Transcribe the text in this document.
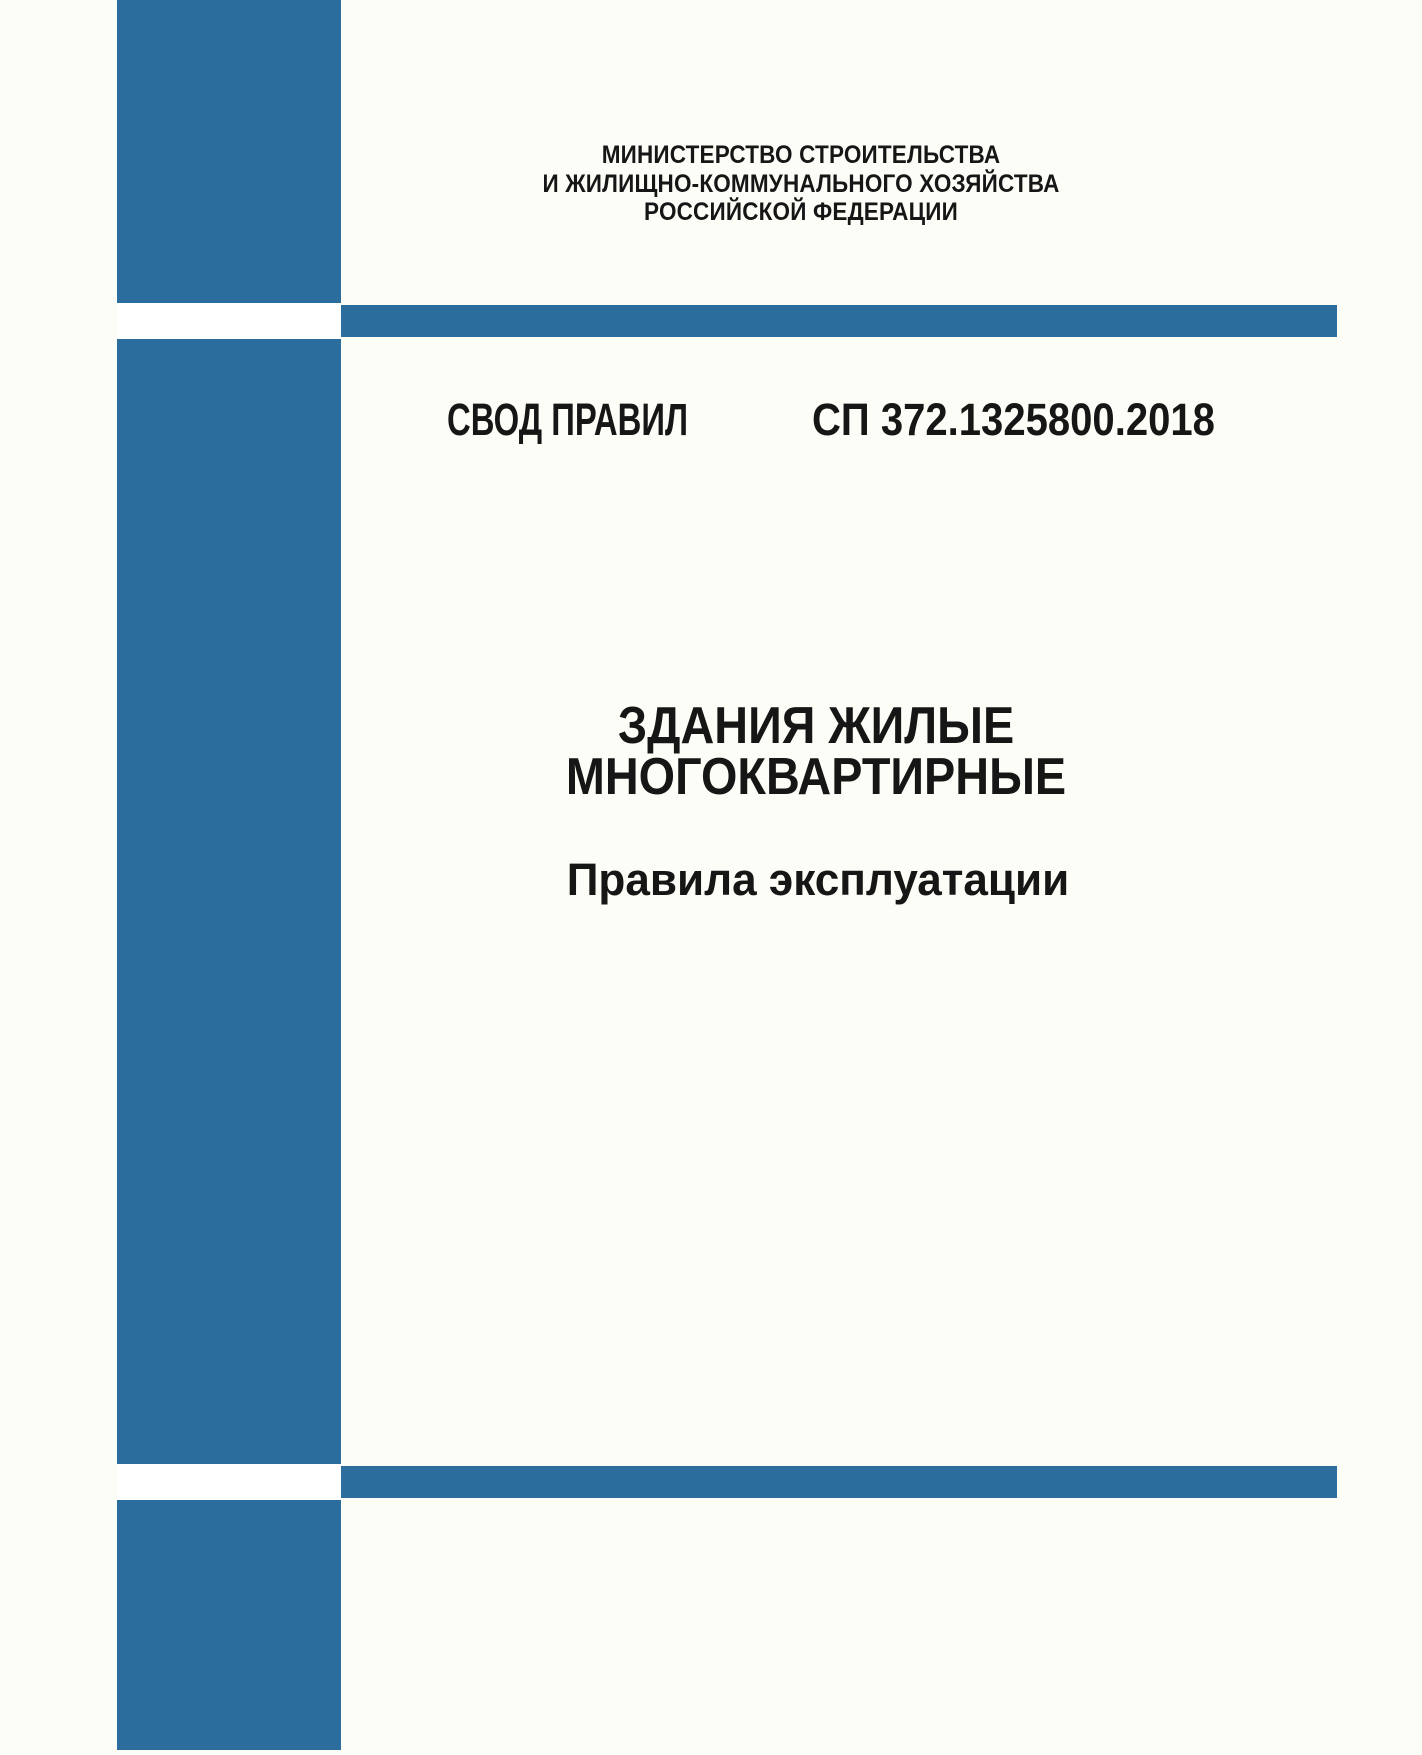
МИНИСТЕРСТВО СТРОИТЕЛЬСТВА
И ЖИЛИЩНО-КОММУНАЛЬНОГО ХОЗЯЙСТВА
РОССИЙСКОЙ ФЕДЕРАЦИИ
СВОД ПРАВИЛ	СП 372.1325800.2018
ЗДАНИЯ ЖИЛЫЕ
МНОГОКВАРТИРНЫЕ
Правила эксплуатации
